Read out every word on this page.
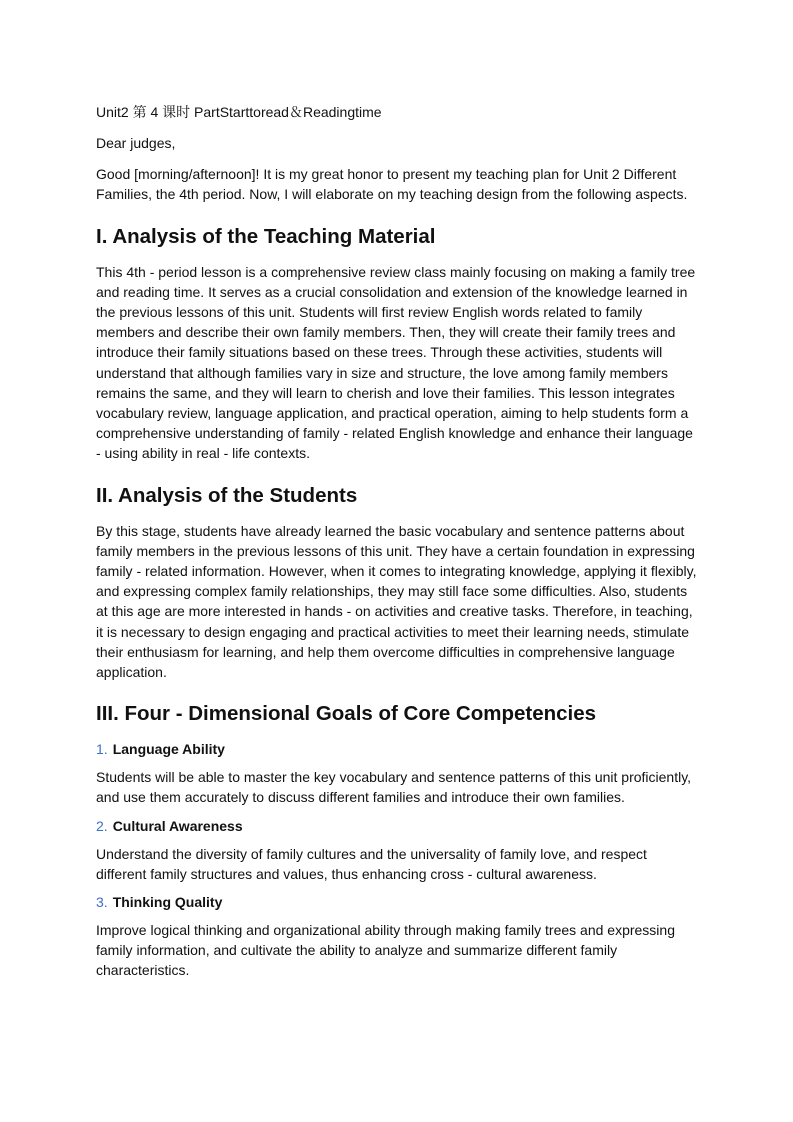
Unit2 第 4 课时 PartStarttoread＆Readingtime

Dear judges,

Good [morning/afternoon]! It is my great honor to present my teaching plan for Unit 2 Different Families, the 4th period. Now, I will elaborate on my teaching design from the following aspects.

I. Analysis of the Teaching Material

This 4th - period lesson is a comprehensive review class mainly focusing on making a family tree and reading time. It serves as a crucial consolidation and extension of the knowledge learned in the previous lessons of this unit. Students will first review English words related to family members and describe their own family members. Then, they will create their family trees and introduce their family situations based on these trees. Through these activities, students will understand that although families vary in size and structure, the love among family members remains the same, and they will learn to cherish and love their families. This lesson integrates vocabulary review, language application, and practical operation, aiming to help students form a comprehensive understanding of family - related English knowledge and enhance their language - using ability in real - life contexts.

II. Analysis of the Students

By this stage, students have already learned the basic vocabulary and sentence patterns about family members in the previous lessons of this unit. They have a certain foundation in expressing family - related information. However, when it comes to integrating knowledge, applying it flexibly, and expressing complex family relationships, they may still face some difficulties. Also, students at this age are more interested in hands - on activities and creative tasks. Therefore, in teaching, it is necessary to design engaging and practical activities to meet their learning needs, stimulate their enthusiasm for learning, and help them overcome difficulties in comprehensive language application.

III. Four - Dimensional Goals of Core Competencies
1. Language Ability

Students will be able to master the key vocabulary and sentence patterns of this unit proficiently, and use them accurately to discuss different families and introduce their own families.

2. Cultural Awareness

Understand the diversity of family cultures and the universality of family love, and respect different family structures and values, thus enhancing cross - cultural awareness.

3. Thinking Quality

Improve logical thinking and organizational ability through making family trees and expressing family information, and cultivate the ability to analyze and summarize different family characteristics.
